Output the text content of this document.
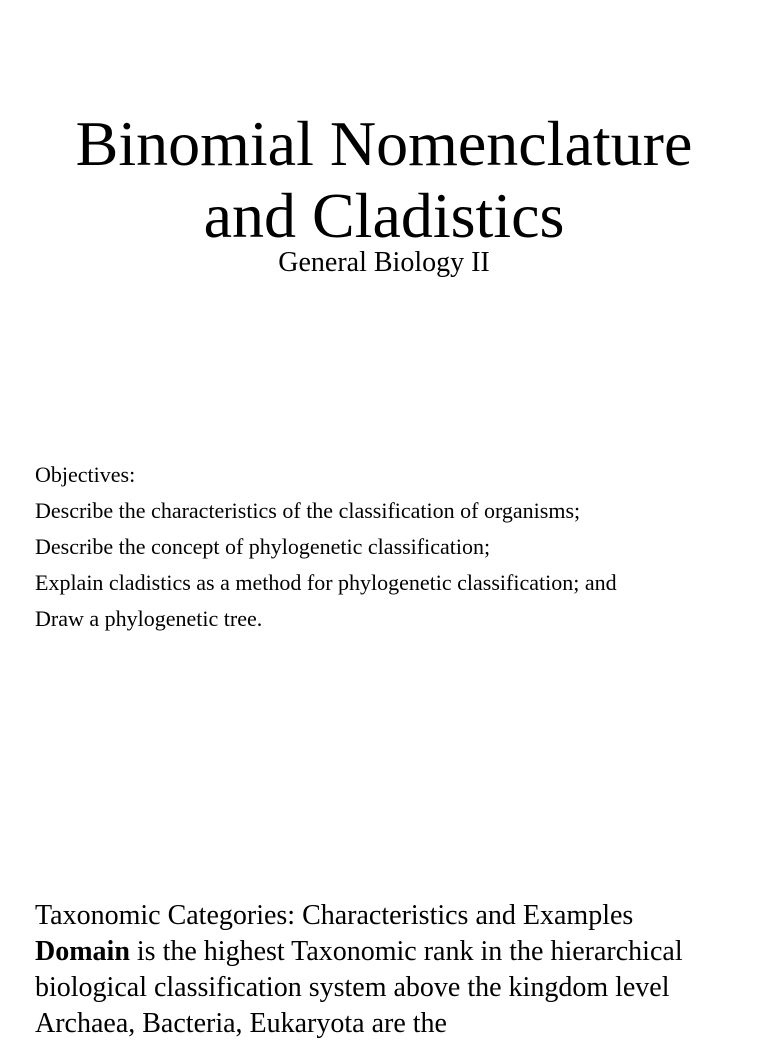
Binomial Nomenclature
and Cladistics

General Biology II

Objectives:

Describe the characteristics of the classification of organisms;

Describe the concept of phylogenetic classification;

Explain cladistics as a method for phylogenetic classification; and

Draw a phylogenetic tree.

Taxonomic Categories: Characteristics and Examples

Domain is the highest Taxonomic rank in the hierarchical biological classification system above the kingdom level Archaea, Bacteria, Eukaryota are the
